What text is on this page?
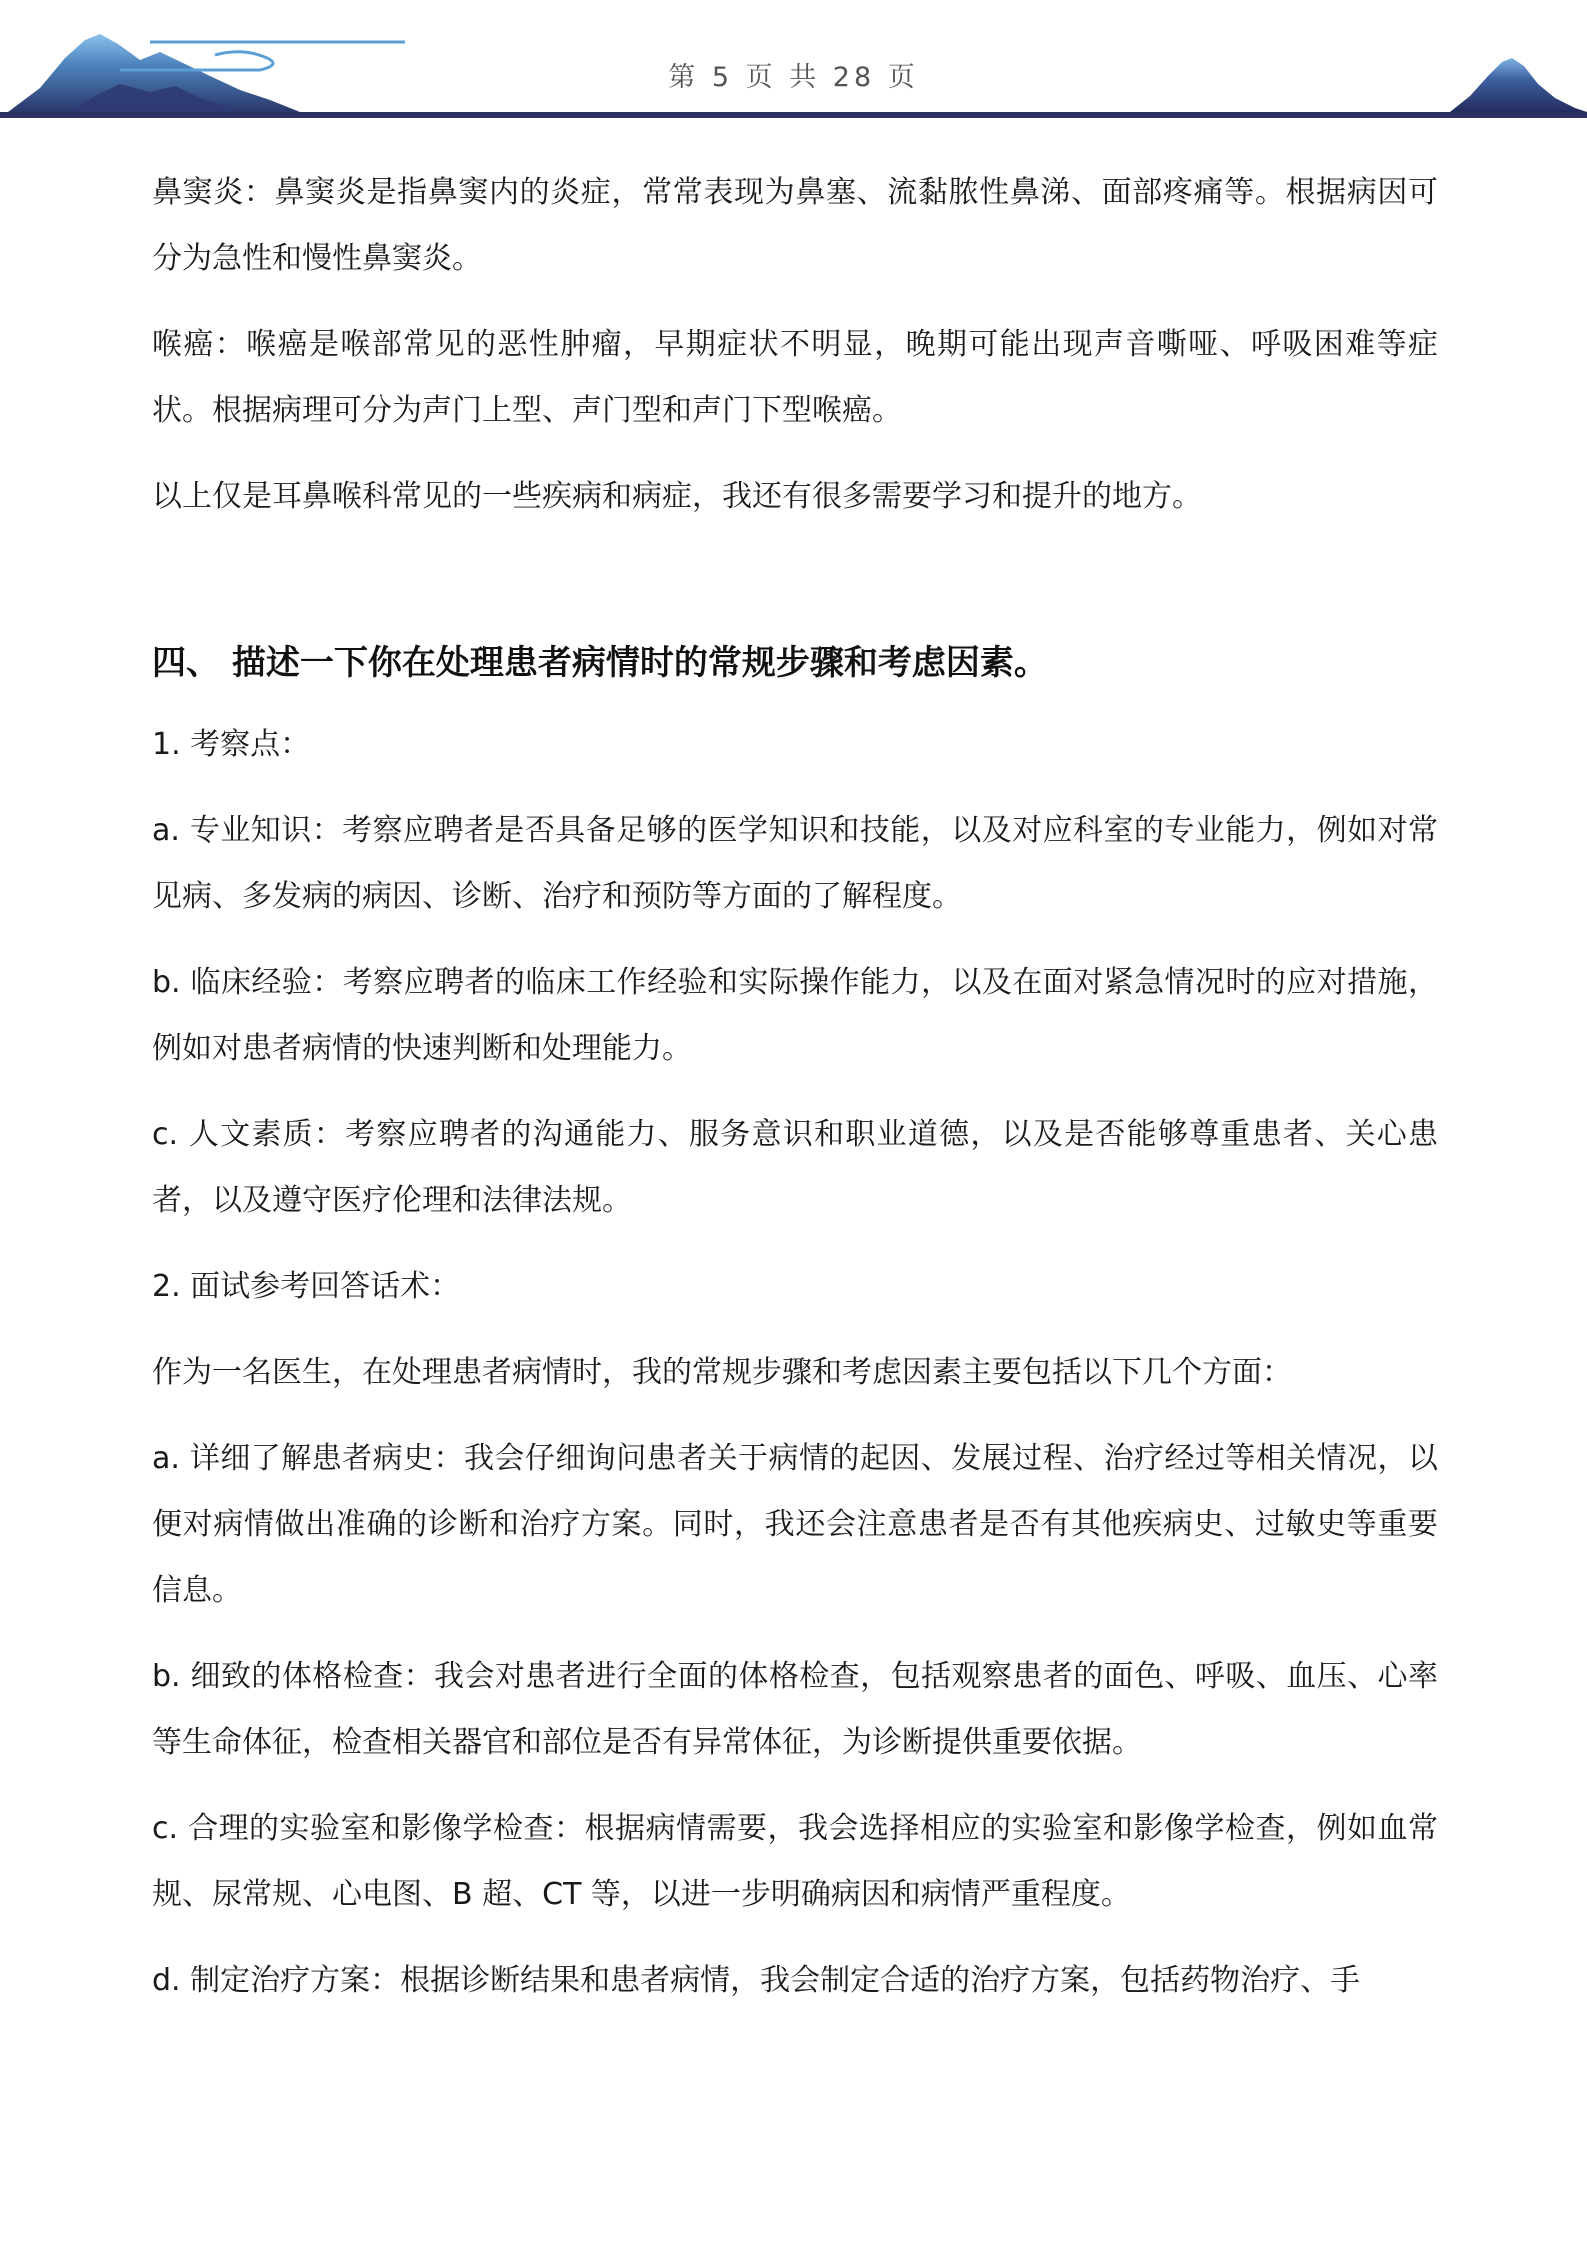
第 5 页 共 28 页

鼻窦炎：鼻窦炎是指鼻窦内的炎症，常常表现为鼻塞、流黏脓性鼻涕、面部疼痛等。根据病因可分为急性和慢性鼻窦炎。

喉癌：喉癌是喉部常见的恶性肿瘤，早期症状不明显，晚期可能出现声音嘶哑、呼吸困难等症状。根据病理可分为声门上型、声门型和声门下型喉癌。

以上仅是耳鼻喉科常见的一些疾病和病症，我还有很多需要学习和提升的地方。

四、 描述一下你在处理患者病情时的常规步骤和考虑因素。

1. 考察点：

a. 专业知识：考察应聘者是否具备足够的医学知识和技能，以及对应科室的专业能力，例如对常见病、多发病的病因、诊断、治疗和预防等方面的了解程度。

b. 临床经验：考察应聘者的临床工作经验和实际操作能力，以及在面对紧急情况时的应对措施，例如对患者病情的快速判断和处理能力。

c. 人文素质：考察应聘者的沟通能力、服务意识和职业道德，以及是否能够尊重患者、关心患者，以及遵守医疗伦理和法律法规。

2. 面试参考回答话术：

作为一名医生，在处理患者病情时，我的常规步骤和考虑因素主要包括以下几个方面：

a. 详细了解患者病史：我会仔细询问患者关于病情的起因、发展过程、治疗经过等相关情况，以便对病情做出准确的诊断和治疗方案。同时，我还会注意患者是否有其他疾病史、过敏史等重要信息。

b. 细致的体格检查：我会对患者进行全面的体格检查，包括观察患者的面色、呼吸、血压、心率等生命体征，检查相关器官和部位是否有异常体征，为诊断提供重要依据。

c. 合理的实验室和影像学检查：根据病情需要，我会选择相应的实验室和影像学检查，例如血常规、尿常规、心电图、B 超、CT 等，以进一步明确病因和病情严重程度。

d. 制定治疗方案：根据诊断结果和患者病情，我会制定合适的治疗方案，包括药物治疗、手
